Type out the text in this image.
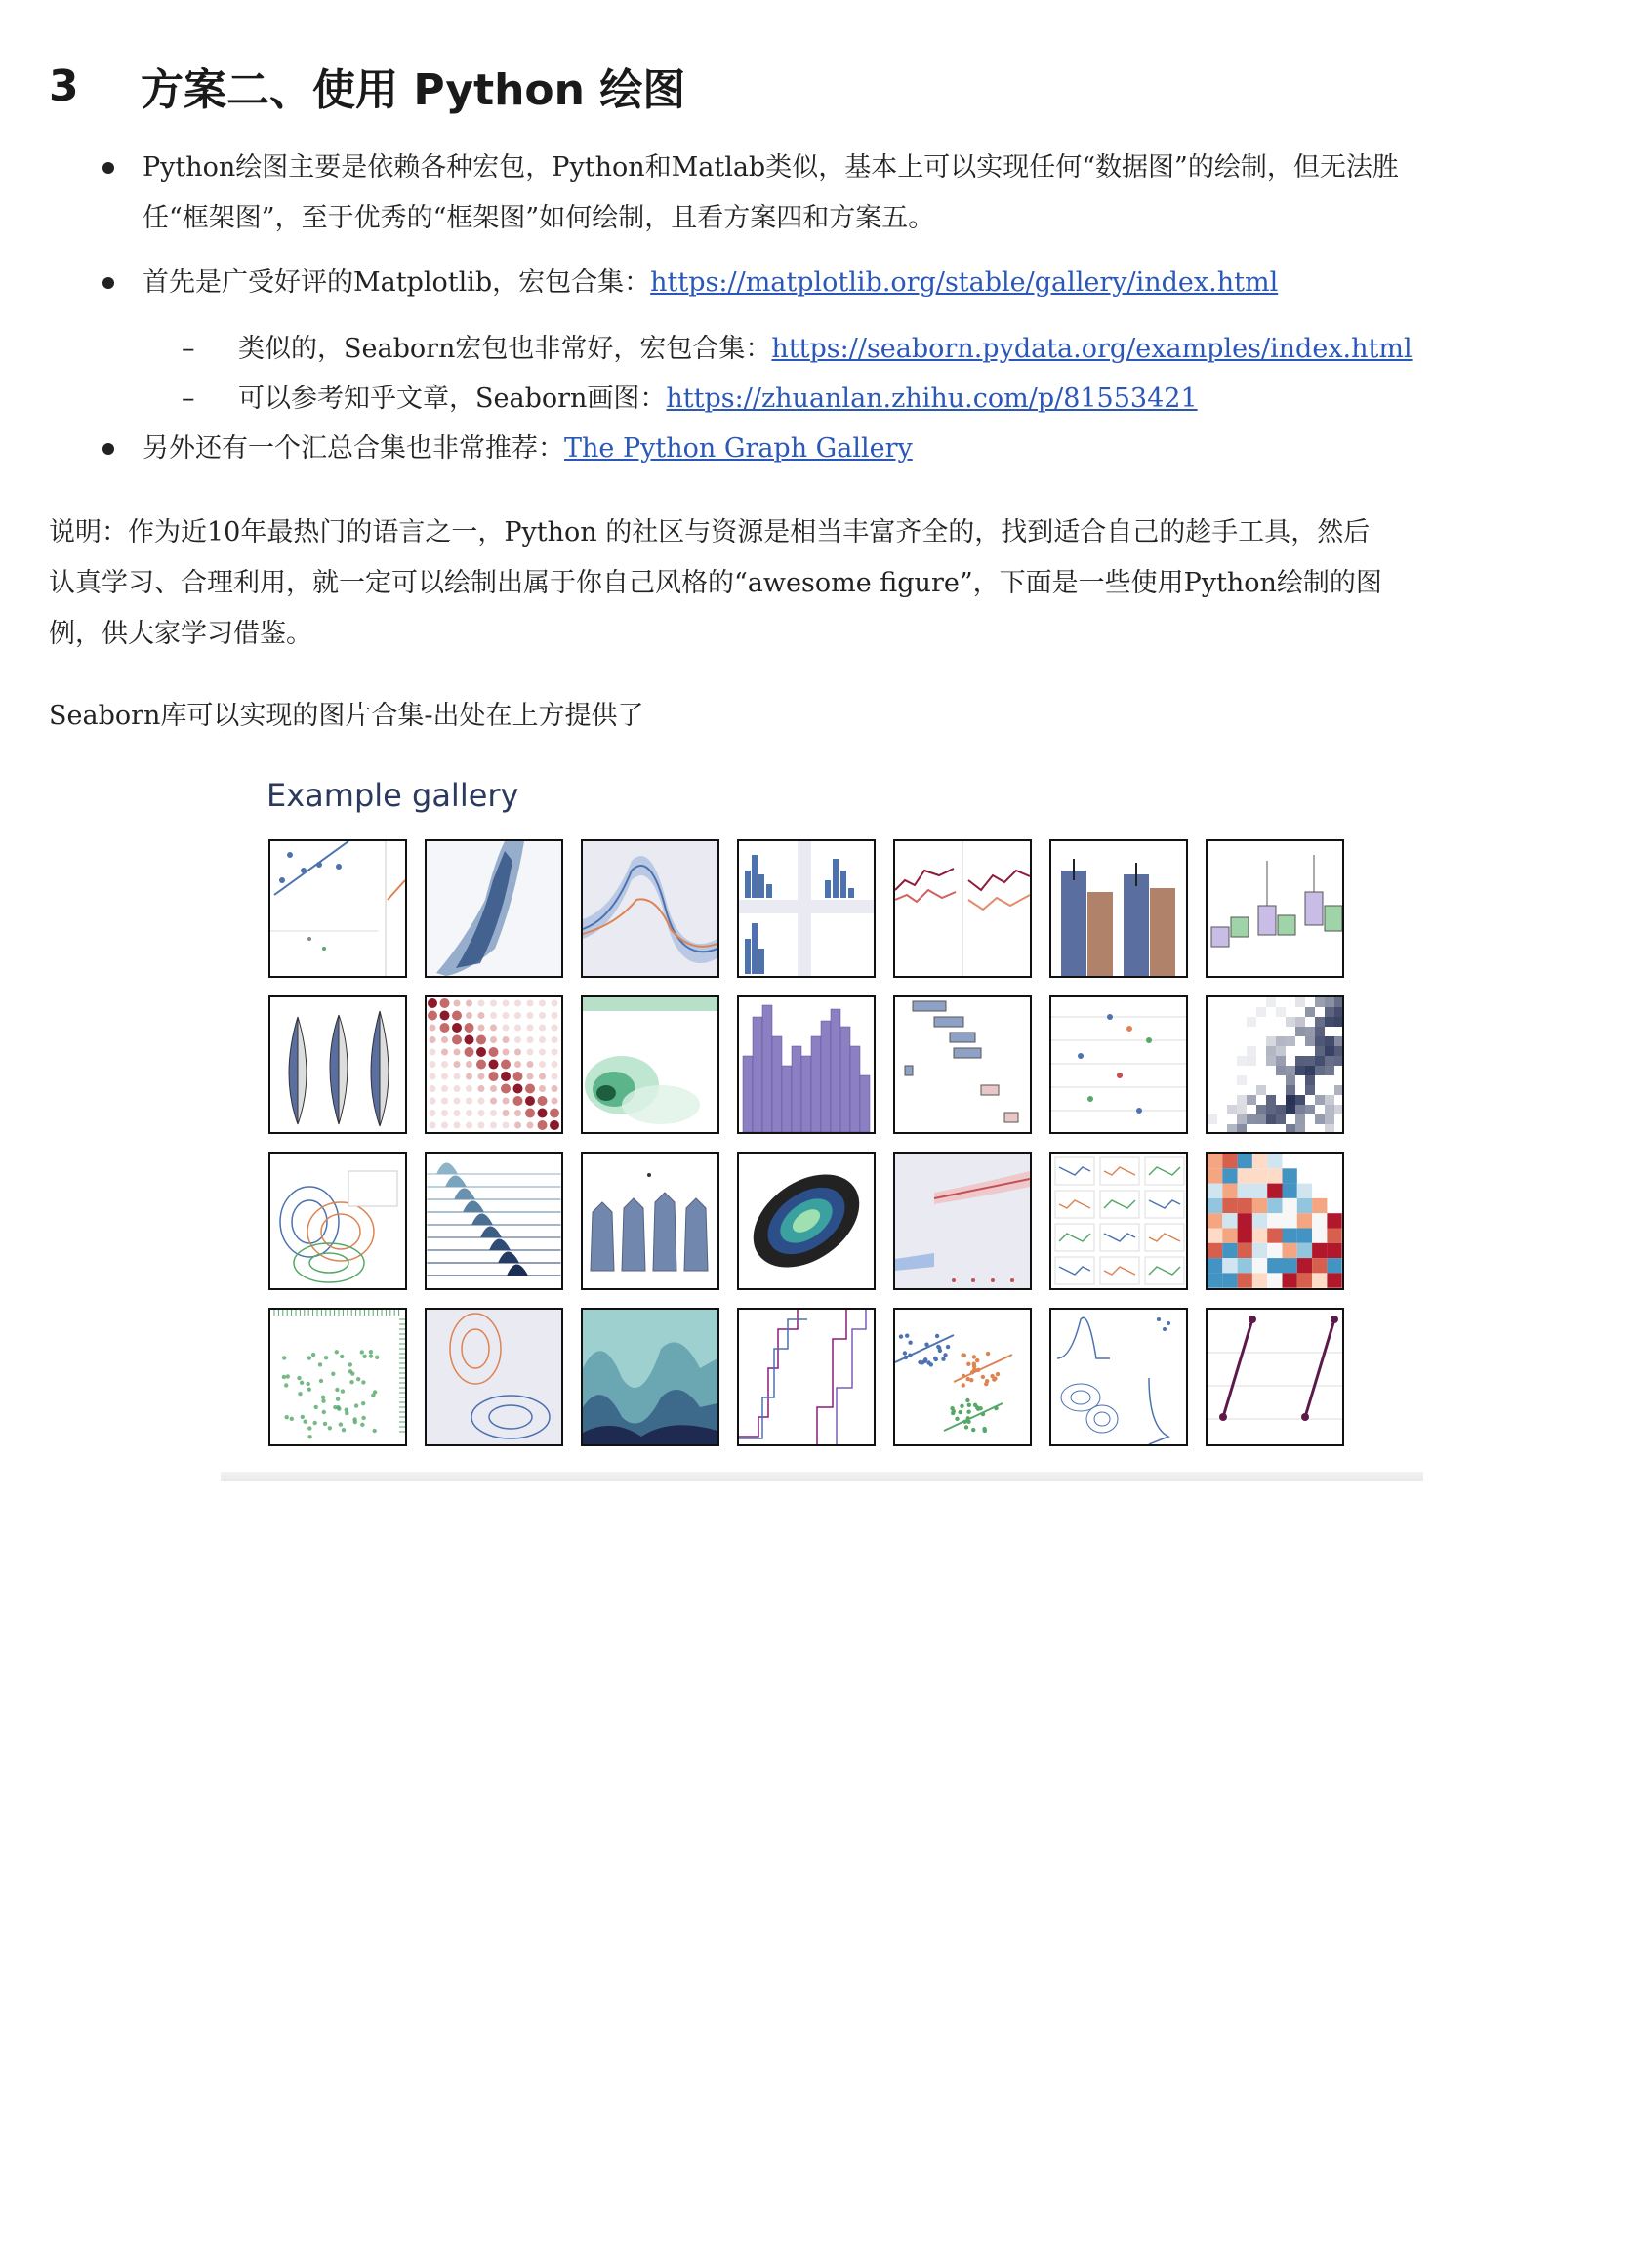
3	方案二、使用 Python 绘图
Python绘图主要是依赖各种宏包，Python和Matlab类似，基本上可以实现任何“数据图”的绘制，但无法胜
任“框架图”，至于优秀的“框架图”如何绘制，且看方案四和方案五。
首先是广受好评的Matplotlib，宏包合集：https://matplotlib.org/stable/gallery/index.html
– 类似的，Seaborn宏包也非常好，宏包合集：https://seaborn.pydata.org/examples/index.html
– 可以参考知乎文章，Seaborn画图：https://zhuanlan.zhihu.com/p/81553421
另外还有一个汇总合集也非常推荐：The Python Graph Gallery
说明：作为近10年最热门的语言之一，Python 的社区与资源是相当丰富齐全的，找到适合自己的趁手工具，然后
认真学习、合理利用，就一定可以绘制出属于你自己风格的“awesome figure”，下面是一些使用Python绘制的图
例，供大家学习借鉴。
Seaborn库可以实现的图片合集-出处在上方提供了
Example gallery
